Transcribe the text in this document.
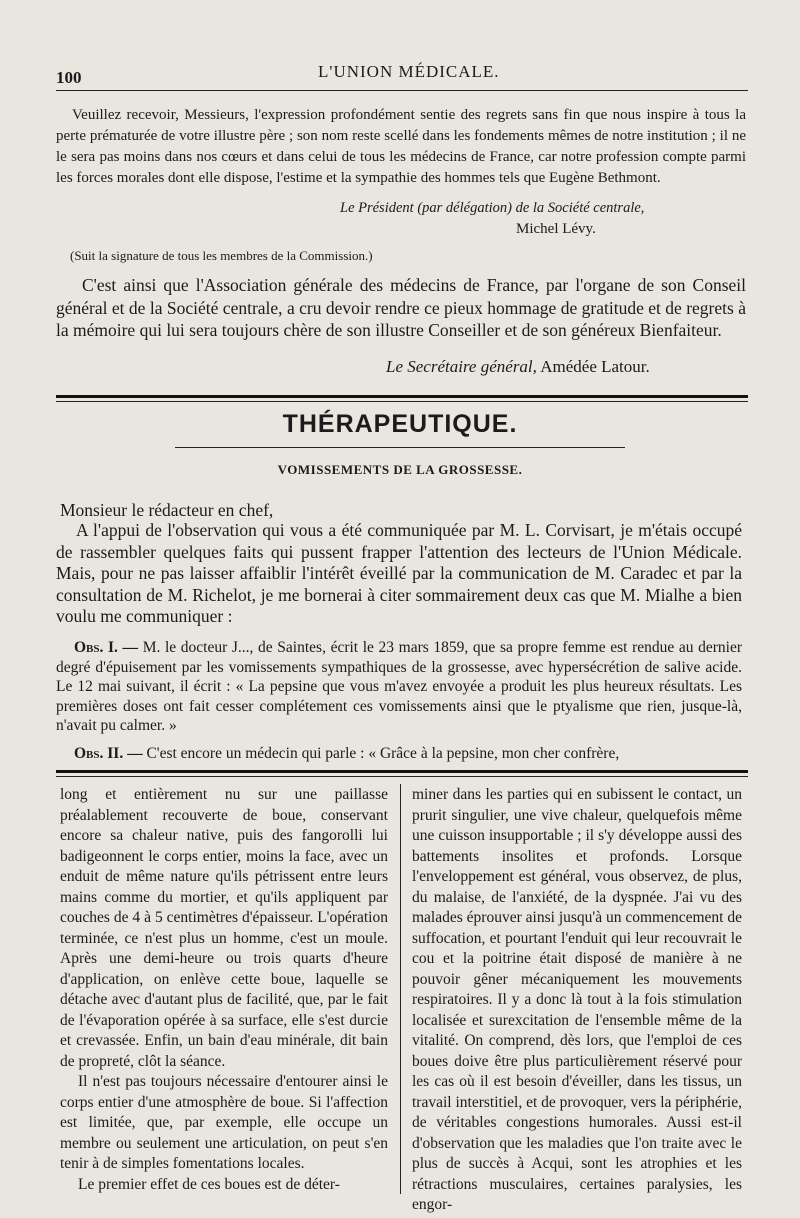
100	L'UNION MÉDICALE.

Veuillez recevoir, Messieurs, l'expression profondément sentie des regrets sans fin que nous inspire à tous la perte prématurée de votre illustre père ; son nom reste scellé dans les fondements mêmes de notre institution ; il ne le sera pas moins dans nos cœurs et dans celui de tous les médecins de France, car notre profession compte parmi les forces morales dont elle dispose, l'estime et la sympathie des hommes tels que Eugène Bethmont.

Le Président (par délégation) de la Société centrale,
Michel Lévy.
(Suit la signature de tous les membres de la Commission.)

C'est ainsi que l'Association générale des médecins de France, par l'organe de son Conseil général et de la Société centrale, a cru devoir rendre ce pieux hommage de gratitude et de regrets à la mémoire qui lui sera toujours chère de son illustre Conseiller et de son généreux Bienfaiteur.

Le Secrétaire général, Amédée Latour.
THÉRAPEUTIQUE.
VOMISSEMENTS DE LA GROSSESSE.
Monsieur le rédacteur en chef,

A l'appui de l'observation qui vous a été communiquée par M. L. Corvisart, je m'étais occupé de rassembler quelques faits qui pussent frapper l'attention des lecteurs de l'Union Médicale. Mais, pour ne pas laisser affaiblir l'intérêt éveillé par la communication de M. Caradec et par la consultation de M. Richelot, je me bornerai à citer sommairement deux cas que M. Mialhe a bien voulu me communiquer :

Obs. I. — M. le docteur J..., de Saintes, écrit le 23 mars 1859, que sa propre femme est rendue au dernier degré d'épuisement par les vomissements sympathiques de la grossesse, avec hypersécrétion de salive acide. Le 12 mai suivant, il écrit : « La pepsine que vous m'avez envoyée a produit les plus heureux résultats. Les premières doses ont fait cesser complétement ces vomissements ainsi que le ptyalisme que rien, jusque-là, n'avait pu calmer. »

Obs. II. — C'est encore un médecin qui parle : « Grâce à la pepsine, mon cher confrère,

long et entièrement nu sur une paillasse préalablement recouverte de boue, conservant encore sa chaleur native, puis des fangorolli lui badigeonnent le corps entier, moins la face, avec un enduit de même nature qu'ils pétrissent entre leurs mains comme du mortier, et qu'ils appliquent par couches de 4 à 5 centimètres d'épaisseur. L'opération terminée, ce n'est plus un homme, c'est un moule. Après une demi-heure ou trois quarts d'heure d'application, on enlève cette boue, laquelle se détache avec d'autant plus de facilité, que, par le fait de l'évaporation opérée à sa surface, elle s'est durcie et crevassée. Enfin, un bain d'eau minérale, dit bain de propreté, clôt la séance.

Il n'est pas toujours nécessaire d'entourer ainsi le corps entier d'une atmosphère de boue. Si l'affection est limitée, que, par exemple, elle occupe un membre ou seulement une articulation, on peut s'en tenir à de simples fomentations locales.

Le premier effet de ces boues est de déter-

miner dans les parties qui en subissent le contact, un prurit singulier, une vive chaleur, quelquefois même une cuisson insupportable ; il s'y développe aussi des battements insolites et profonds. Lorsque l'enveloppement est général, vous observez, de plus, du malaise, de l'anxiété, de la dyspnée. J'ai vu des malades éprouver ainsi jusqu'à un commencement de suffocation, et pourtant l'enduit qui leur recouvrait le cou et la poitrine était disposé de manière à ne pouvoir gêner mécaniquement les mouvements respiratoires. Il y a donc là tout à la fois stimulation localisée et surexcitation de l'ensemble même de la vitalité. On comprend, dès lors, que l'emploi de ces boues doive être plus particulièrement réservé pour les cas où il est besoin d'éveiller, dans les tissus, un travail interstitiel, et de provoquer, vers la périphérie, de véritables congestions humorales. Aussi est-il d'observation que les maladies que l'on traite avec le plus de succès à Acqui, sont les atrophies et les rétractions musculaires, certaines paralysies, les engor-
